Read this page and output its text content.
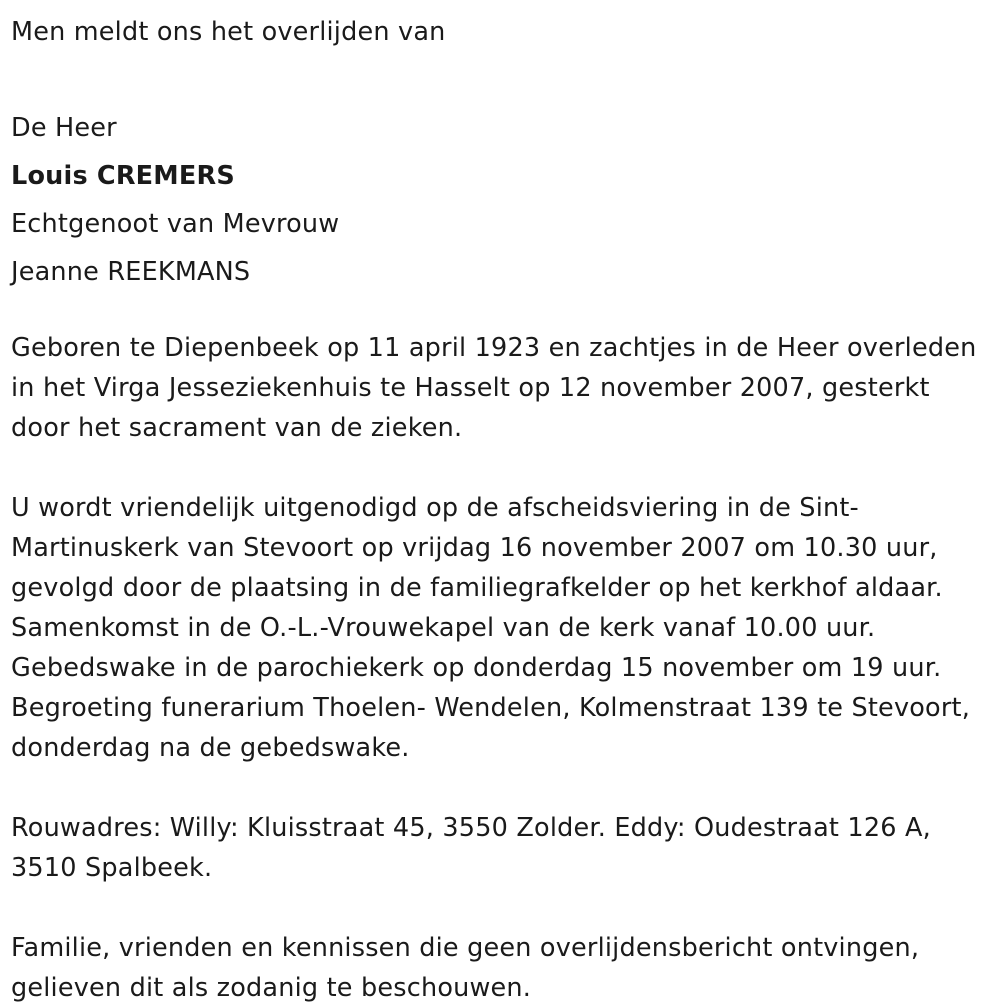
Men meldt ons het overlijden van

De Heer

Louis CREMERS

Echtgenoot van Mevrouw

Jeanne REEKMANS

Geboren te Diepenbeek op 11 april 1923 en zachtjes in de Heer overleden in het Virga Jesseziekenhuis te Hasselt op 12 november 2007, gesterkt door het sacrament van de zieken.

U wordt vriendelijk uitgenodigd op de afscheidsviering in de Sint-Martinuskerk van Stevoort op vrijdag 16 november 2007 om 10.30 uur, gevolgd door de plaatsing in de familiegrafkelder op het kerkhof aldaar. Samenkomst in de O.-L.-Vrouwekapel van de kerk vanaf 10.00 uur. Gebedswake in de parochiekerk op donderdag 15 november om 19 uur. Begroeting funerarium Thoelen- Wendelen, Kolmenstraat 139 te Stevoort, donderdag na de gebedswake.

Rouwadres: Willy: Kluisstraat 45, 3550 Zolder. Eddy: Oudestraat 126 A, 3510 Spalbeek.

Familie, vrienden en kennissen die geen overlijdensbericht ontvingen, gelieven dit als zodanig te beschouwen.
